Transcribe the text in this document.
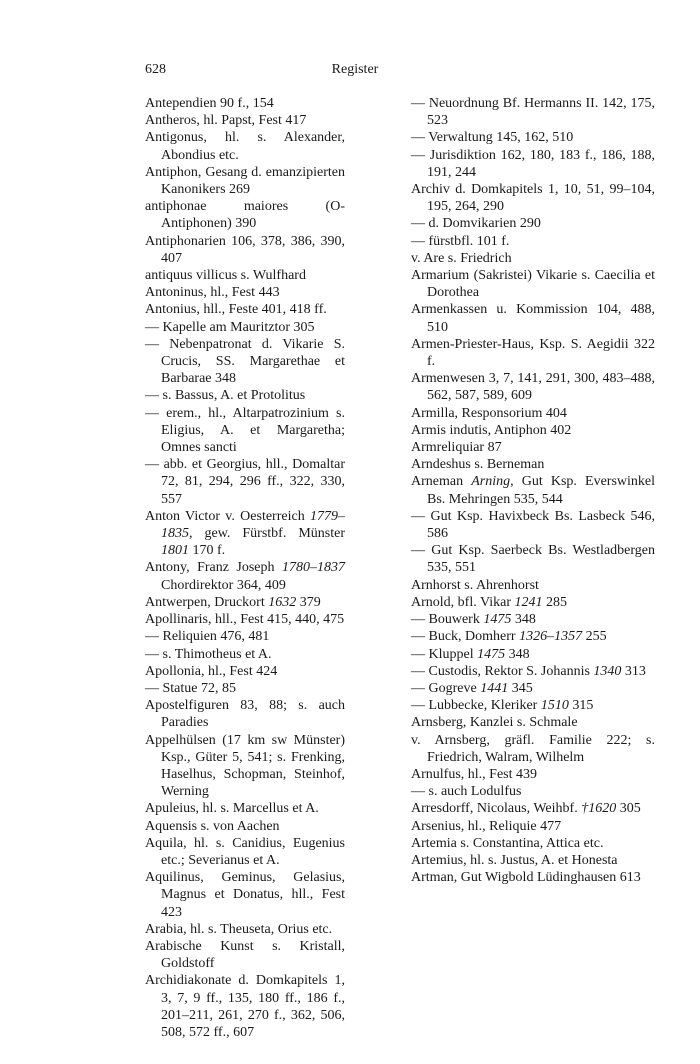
628	Register
Antependien 90 f., 154
Antheros, hl. Papst, Fest 417
Antigonus, hl. s. Alexander, Abondius etc.
Antiphon, Gesang d. emanzipierten Kanonikers 269
antiphonae maiores (O-Antiphonen) 390
Antiphonarien 106, 378, 386, 390, 407
antiquus villicus s. Wulfhard
Antoninus, hl., Fest 443
Antonius, hll., Feste 401, 418 ff.
— Kapelle am Mauritztor 305
— Nebenpatronat d. Vikarie S. Crucis, SS. Margarethae et Barbarae 348
— s. Bassus, A. et Protolitus
— erem., hl., Altarpatrozinium s. Eligius, A. et Margaretha; Omnes sancti
— abb. et Georgius, hll., Domaltar 72, 81, 294, 296 ff., 322, 330, 557
Anton Victor v. Oesterreich 1779–1835, gew. Fürstbf. Münster 1801 170 f.
Antony, Franz Joseph 1780–1837 Chordirektor 364, 409
Antwerpen, Druckort 1632 379
Apollinaris, hll., Fest 415, 440, 475
— Reliquien 476, 481
— s. Thimotheus et A.
Apollonia, hl., Fest 424
— Statue 72, 85
Apostelfiguren 83, 88; s. auch Paradies
Appelhülsen (17 km sw Münster) Ksp., Güter 5, 541; s. Frenking, Haselhus, Schopman, Steinhof, Werning
Apuleius, hl. s. Marcellus et A.
Aquensis s. von Aachen
Aquila, hl. s. Canidius, Eugenius etc.; Severianus et A.
Aquilinus, Geminus, Gelasius, Magnus et Donatus, hll., Fest 423
Arabia, hl. s. Theuseta, Orius etc.
Arabische Kunst s. Kristall, Goldstoff
Archidiakonate d. Domkapitels 1, 3, 7, 9 ff., 135, 180 ff., 186 f., 201–211, 261, 270 f., 362, 506, 508, 572 ff., 607
— Neuordnung Bf. Hermanns II. 142, 175, 523
— Verwaltung 145, 162, 510
— Jurisdiktion 162, 180, 183 f., 186, 188, 191, 244
Archiv d. Domkapitels 1, 10, 51, 99–104, 195, 264, 290
— d. Domvikarien 290
— fürstbfl. 101 f.
v. Are s. Friedrich
Armarium (Sakristei) Vikarie s. Caecilia et Dorothea
Armenkassen u. Kommission 104, 488, 510
Armen-Priester-Haus, Ksp. S. Aegidii 322 f.
Armenwesen 3, 7, 141, 291, 300, 483–488, 562, 587, 589, 609
Armilla, Responsorium 404
Armis indutis, Antiphon 402
Armreliquiar 87
Arndeshus s. Berneman
Arneman Arning, Gut Ksp. Everswinkel Bs. Mehringen 535, 544
— Gut Ksp. Havixbeck Bs. Lasbeck 546, 586
— Gut Ksp. Saerbeck Bs. Westladbergen 535, 551
Arnhorst s. Ahrenhorst
Arnold, bfl. Vikar 1241 285
— Bouwerk 1475 348
— Buck, Domherr 1326–1357 255
— Kluppel 1475 348
— Custodis, Rektor S. Johannis 1340 313
— Gogreve 1441 345
— Lubbecke, Kleriker 1510 315
Arnsberg, Kanzlei s. Schmale
v. Arnsberg, gräfl. Familie 222; s. Friedrich, Walram, Wilhelm
Arnulfus, hl., Fest 439
— s. auch Lodulfus
Arresdorff, Nicolaus, Weihbf. †1620 305
Arsenius, hl., Reliquie 477
Artemia s. Constantina, Attica etc.
Artemius, hl. s. Justus, A. et Honesta
Artman, Gut Wigbold Lüdinghausen 613
